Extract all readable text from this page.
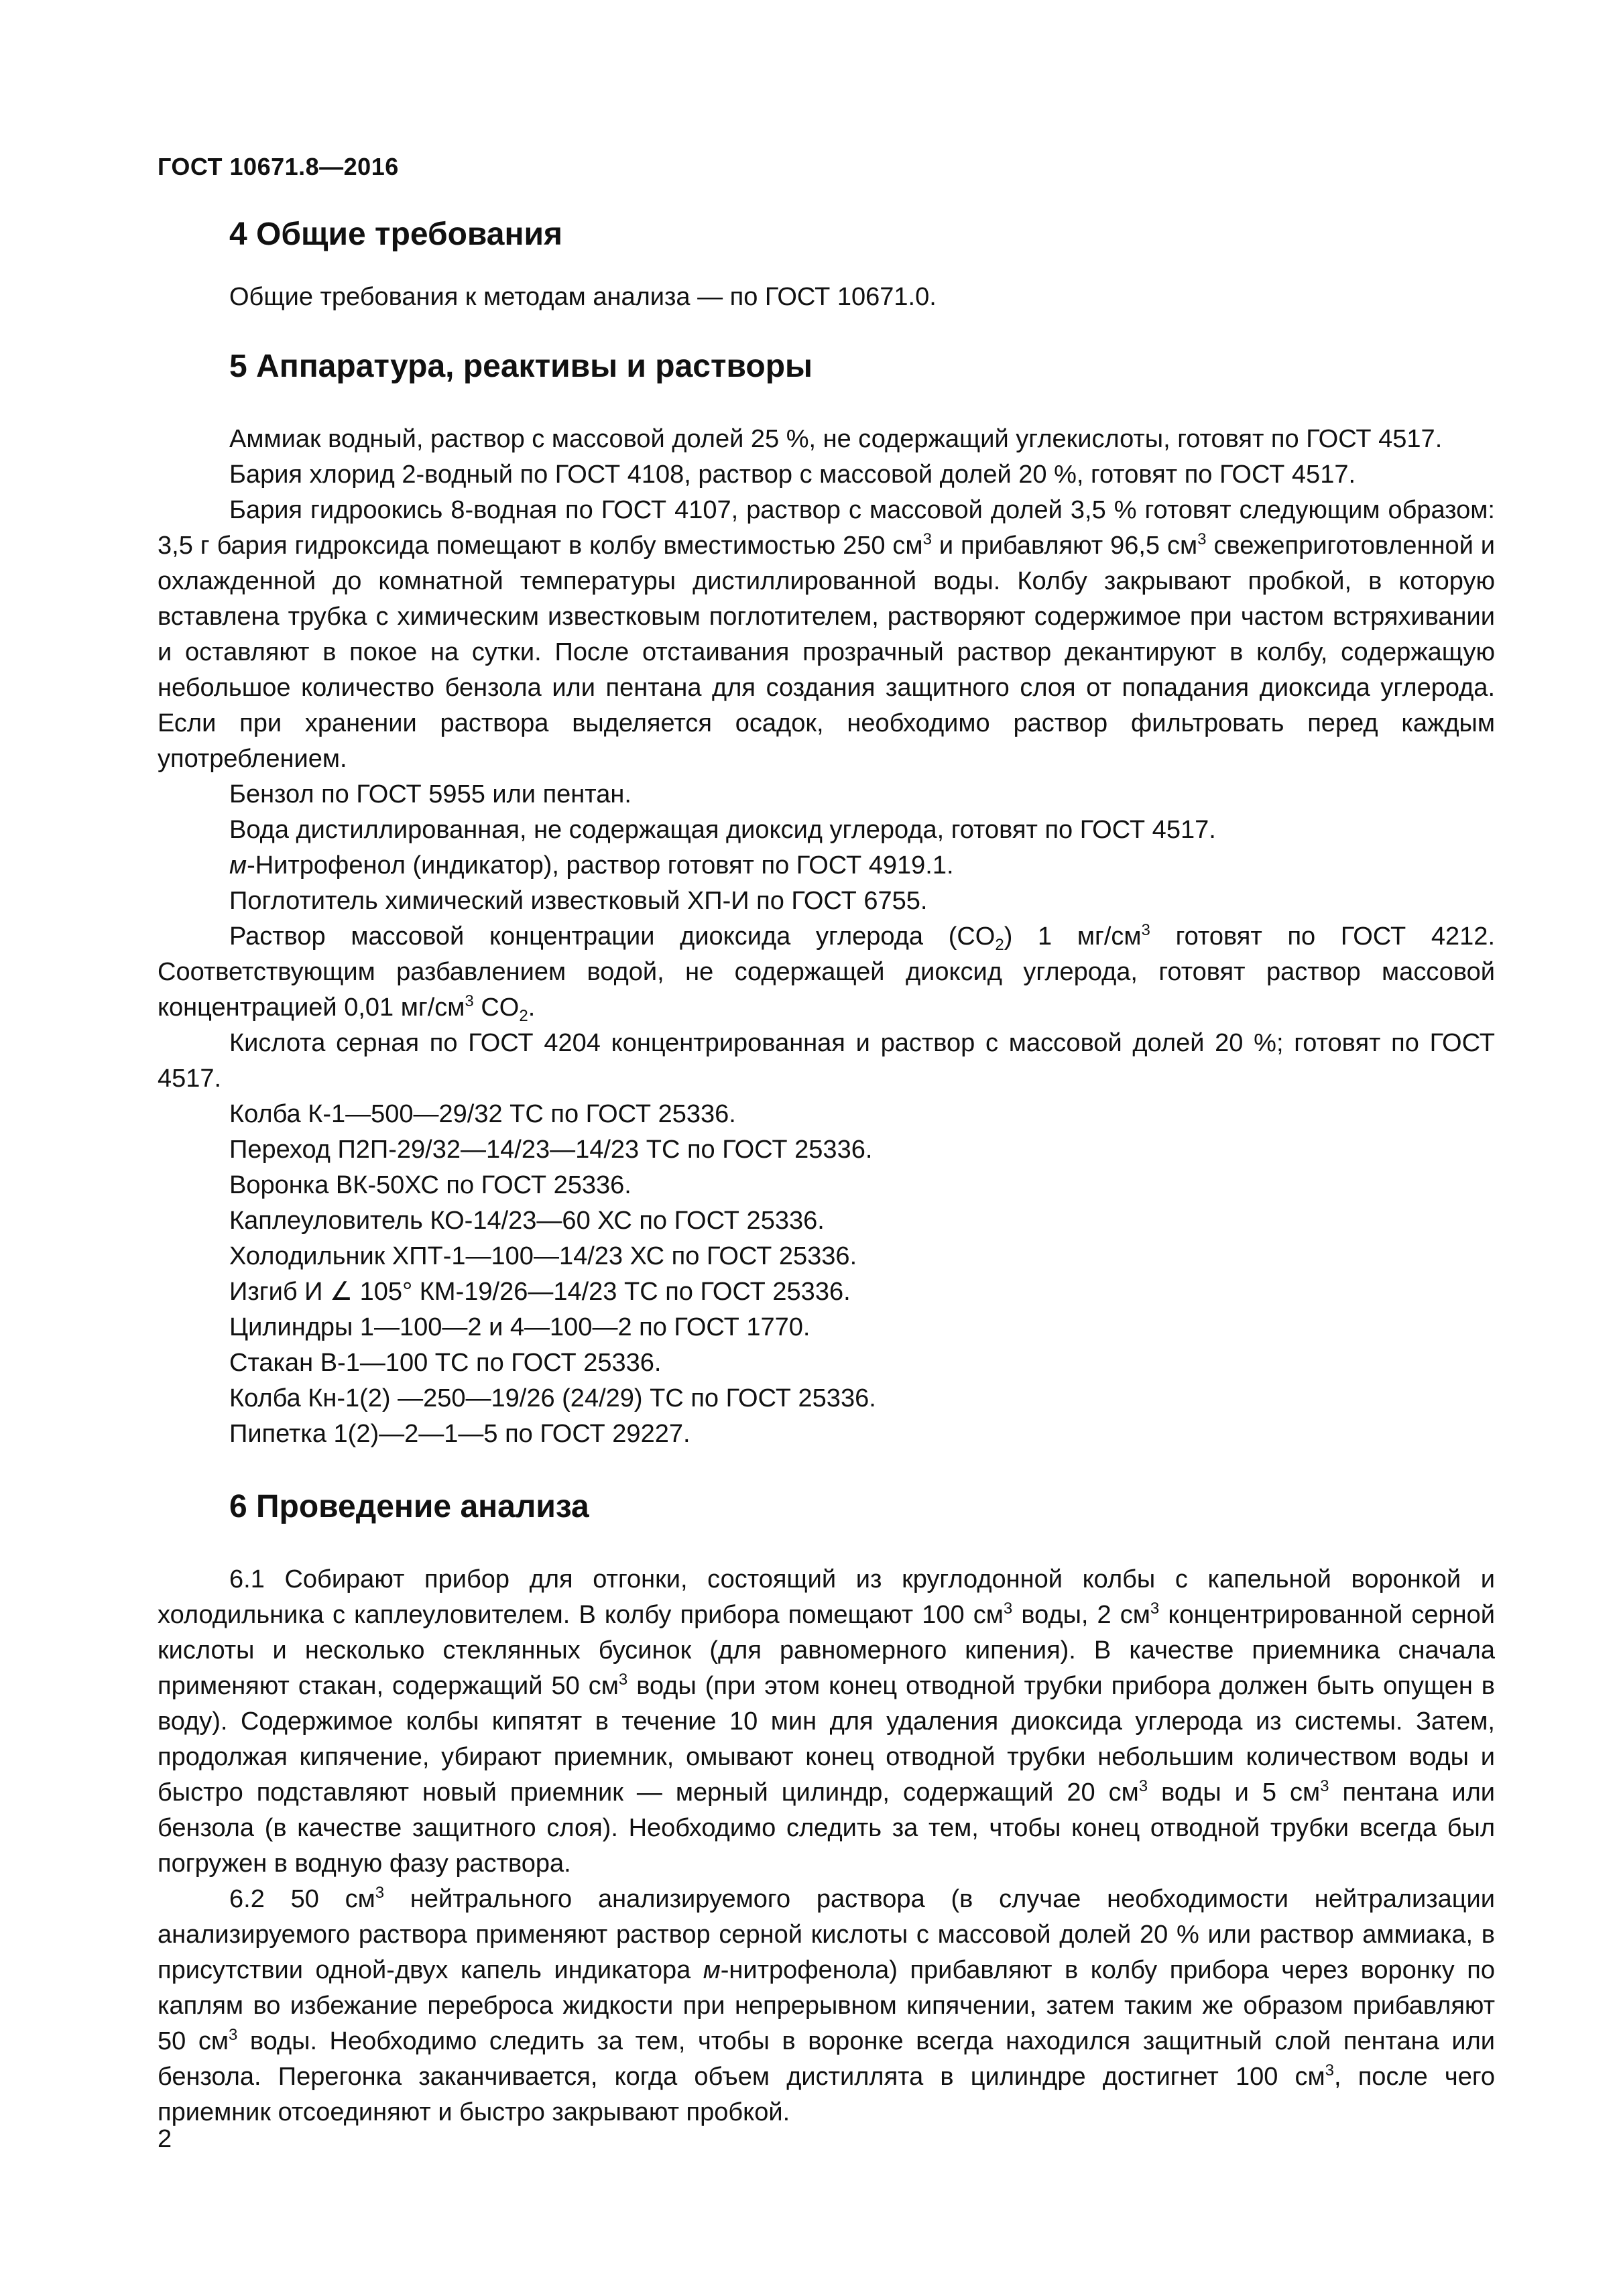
ГОСТ 10671.8—2016

4 Общие требования

Общие требования к методам анализа — по ГОСТ 10671.0.

5 Аппаратура, реактивы и растворы

Аммиак водный, раствор с массовой долей 25 %, не содержащий углекислоты, готовят по ГОСТ 4517.

Бария хлорид 2-водный по ГОСТ 4108, раствор с массовой долей 20 %, готовят по ГОСТ 4517.

Бария гидроокись 8-водная по ГОСТ 4107, раствор с массовой долей 3,5 % готовят следующим образом: 3,5 г бария гидроксида помещают в колбу вместимостью 250 $см^3$ и прибавляют 96,5 $см^3$ свежеприготовленной и охлажденной до комнатной температуры дистиллированной воды. Колбу закрывают пробкой, в которую вставлена трубка с химическим известковым поглотителем, растворяют содержимое при частом встряхивании и оставляют в покое на сутки. После отстаивания прозрачный раствор декантируют в колбу, содержащую небольшое количество бензола или пентана для создания защитного слоя от попадания диоксида углерода. Если при хранении раствора выделяется осадок, необходимо раствор фильтровать перед каждым употреблением.

Бензол по ГОСТ 5955 или пентан.

Вода дистиллированная, не содержащая диоксид углерода, готовят по ГОСТ 4517.

м-Нитрофенол (индикатор), раствор готовят по ГОСТ 4919.1.

Поглотитель химический известковый ХП-И по ГОСТ 6755.

Раствор массовой концентрации диоксида углерода $(CO_2)$ 1 $мг/см^3$ готовят по ГОСТ 4212. Соответствующим разбавлением водой, не содержащей диоксид углерода, готовят раствор массовой концентрацией 0,01 $мг/см^3$ $CO_2$.

Кислота серная по ГОСТ 4204 концентрированная и раствор с массовой долей 20 %; готовят по ГОСТ 4517.

Колба К-1—500—29/32 ТС по ГОСТ 25336.

Переход П2П-29/32—14/23—14/23 ТС по ГОСТ 25336.

Воронка ВК-50ХС по ГОСТ 25336.

Каплеуловитель КО-14/23—60 ХС по ГОСТ 25336.

Холодильник ХПТ-1—100—14/23 ХС по ГОСТ 25336.

Изгиб И ∠ 105° КМ-19/26—14/23 ТС по ГОСТ 25336.

Цилиндры 1—100—2 и 4—100—2 по ГОСТ 1770.

Стакан В-1—100 ТС по ГОСТ 25336.

Колба Кн-1(2) —250—19/26 (24/29) ТС по ГОСТ 25336.

Пипетка 1(2)—2—1—5 по ГОСТ 29227.

6 Проведение анализа

6.1 Собирают прибор для отгонки, состоящий из круглодонной колбы с капельной воронкой и холодильника с каплеуловителем. В колбу прибора помещают 100 $см^3$ воды, 2 $см^3$ концентрированной серной кислоты и несколько стеклянных бусинок (для равномерного кипения). В качестве приемника сначала применяют стакан, содержащий 50 $см^3$ воды (при этом конец отводной трубки прибора должен быть опущен в воду). Содержимое колбы кипятят в течение 10 мин для удаления диоксида углерода из системы. Затем, продолжая кипячение, убирают приемник, омывают конец отводной трубки небольшим количеством воды и быстро подставляют новый приемник — мерный цилиндр, содержащий 20 $см^3$ воды и 5 $см^3$ пентана или бензола (в качестве защитного слоя). Необходимо следить за тем, чтобы конец отводной трубки всегда был погружен в водную фазу раствора.

6.2 50 $см^3$ нейтрального анализируемого раствора (в случае необходимости нейтрализации анализируемого раствора применяют раствор серной кислоты с массовой долей 20 % или раствор аммиака, в присутствии одной-двух капель индикатора м-нитрофенола) прибавляют в колбу прибора через воронку по каплям во избежание переброса жидкости при непрерывном кипячении, затем таким же образом прибавляют 50 $см^3$ воды. Необходимо следить за тем, чтобы в воронке всегда находился защитный слой пентана или бензола. Перегонка заканчивается, когда объем дистиллята в цилиндре достигнет 100 $см^3$, после чего приемник отсоединяют и быстро закрывают пробкой.

2
